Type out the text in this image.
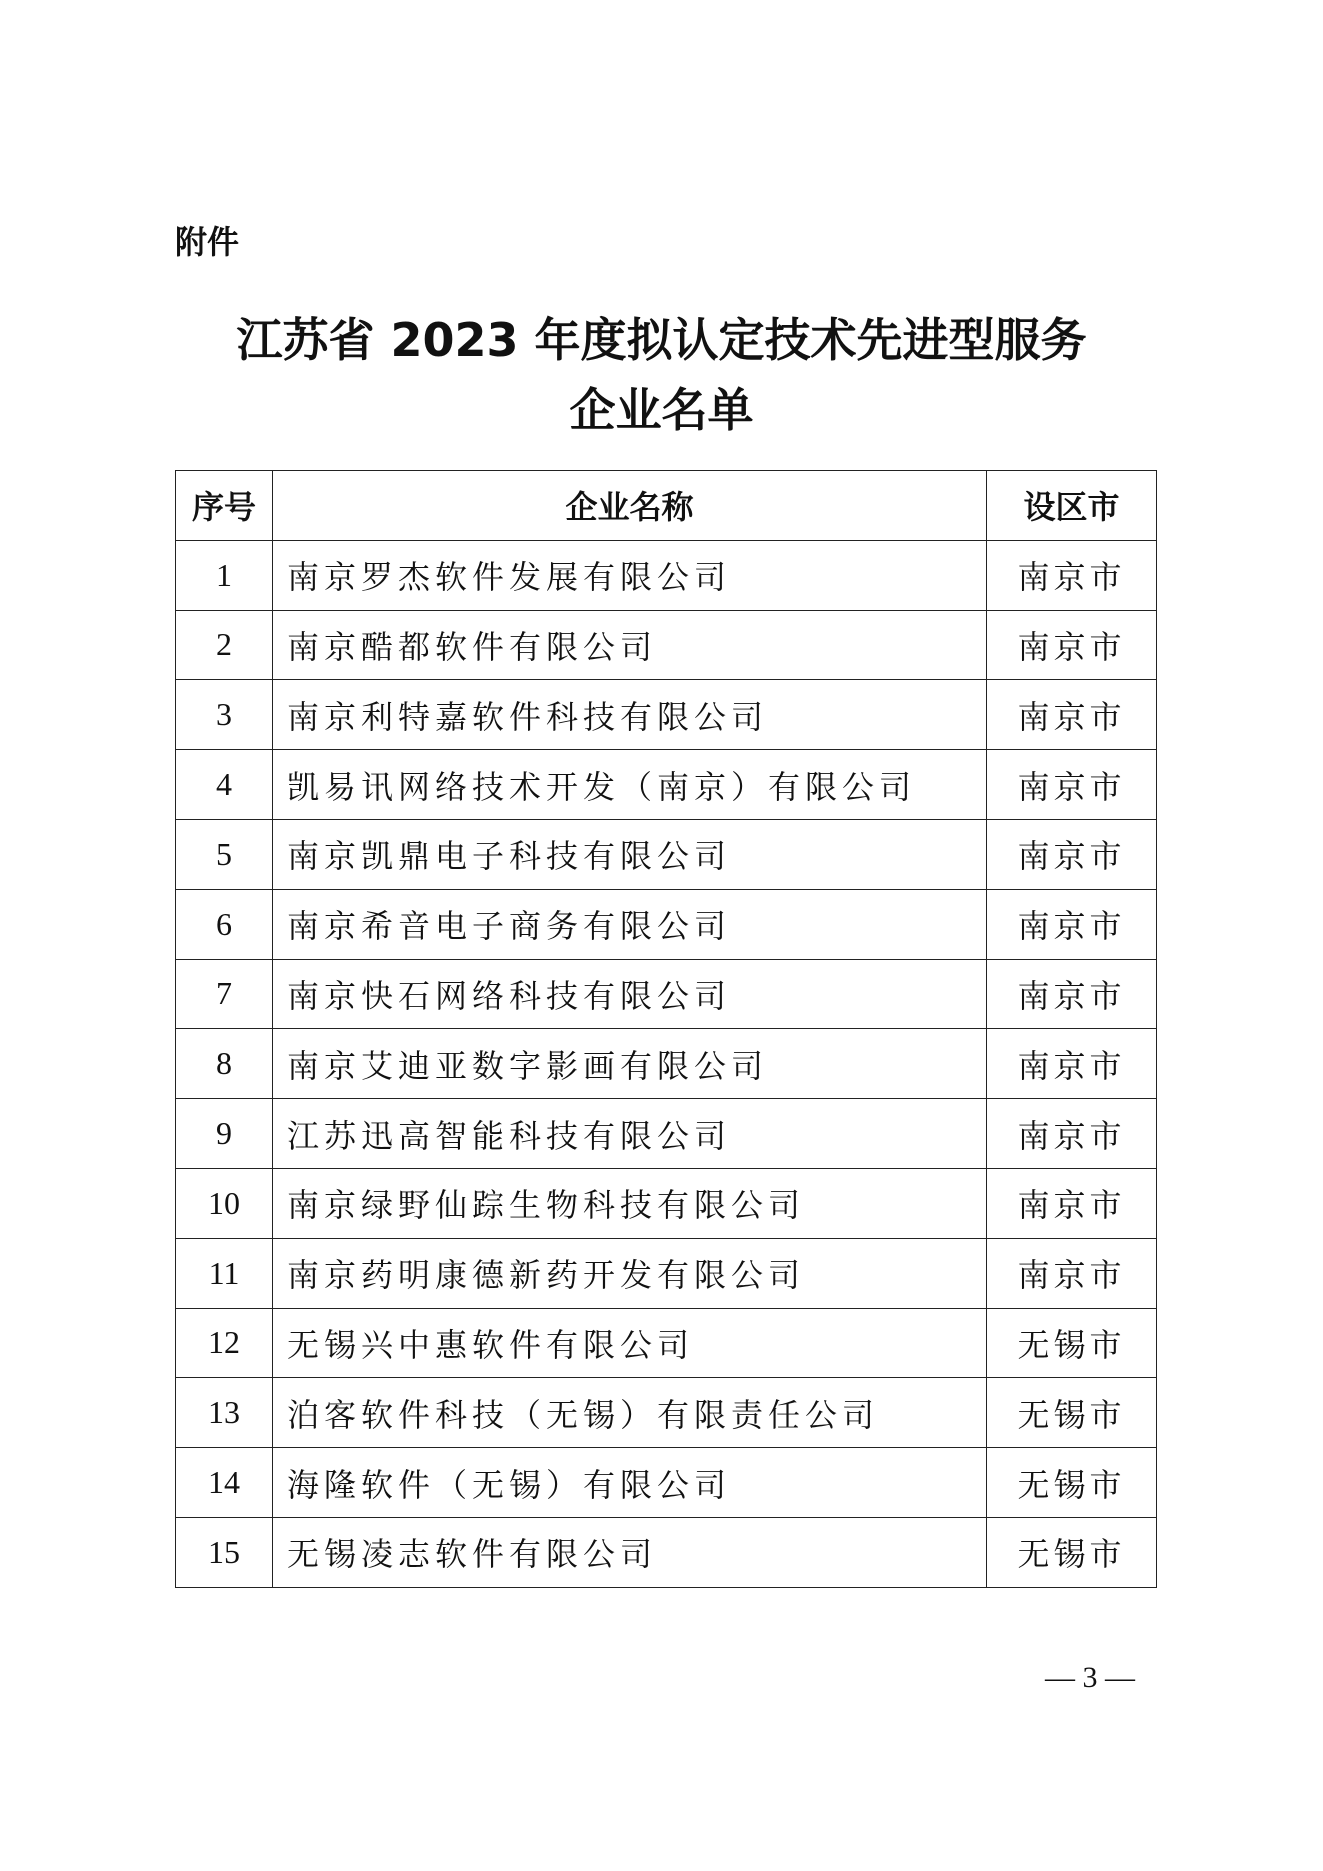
附件
江苏省 2023 年度拟认定技术先进型服务
企业名单
序号	企业名称	设区市
1	南京罗杰软件发展有限公司	南京市
2	南京酷都软件有限公司	南京市
3	南京利特嘉软件科技有限公司	南京市
4	凯易讯网络技术开发（南京）有限公司	南京市
5	南京凯鼎电子科技有限公司	南京市
6	南京希音电子商务有限公司	南京市
7	南京快石网络科技有限公司	南京市
8	南京艾迪亚数字影画有限公司	南京市
9	江苏迅高智能科技有限公司	南京市
10	南京绿野仙踪生物科技有限公司	南京市
11	南京药明康德新药开发有限公司	南京市
12	无锡兴中惠软件有限公司	无锡市
13	泊客软件科技（无锡）有限责任公司	无锡市
14	海隆软件（无锡）有限公司	无锡市
15	无锡凌志软件有限公司	无锡市
— 3 —
